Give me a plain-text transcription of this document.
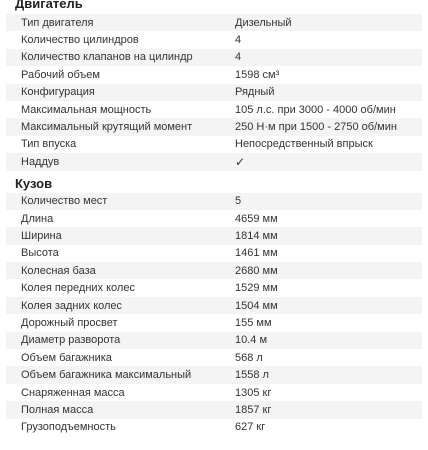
Двигатель
Тип двигателя	Дизельный
Количество цилиндров	4
Количество клапанов на цилиндр	4
Рабочий объем	1598 см³
Конфигурация	Рядный
Максимальная мощность	105 л.с. при 3000 - 4000 об/мин
Максимальный крутящий момент	250 Н·м при 1500 - 2750 об/мин
Тип впуска	Непосредственный впрыск
Наддув	✓
Кузов
Количество мест	5
Длина	4659 мм
Ширина	1814 мм
Высота	1461 мм
Колесная база	2680 мм
Колея передних колес	1529 мм
Колея задних колес	1504 мм
Дорожный просвет	155 мм
Диаметр разворота	10.4 м
Объем багажника	568 л
Объем багажника максимальный	1558 л
Снаряженная масса	1305 кг
Полная масса	1857 кг
Грузоподъемность	627 кг
